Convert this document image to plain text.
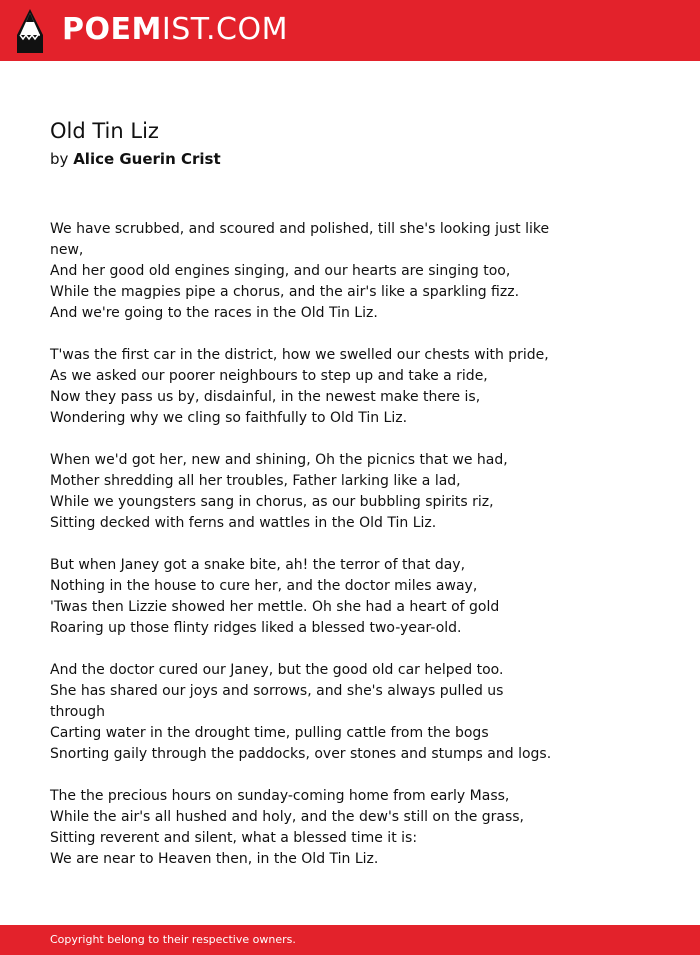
POEMIST.COM
Old Tin Liz
by Alice Guerin Crist

We have scrubbed, and scoured and polished, till she's looking just like
new,
And her good old engines singing, and our hearts are singing too,
While the magpies pipe a chorus, and the air's like a sparkling fizz.
And we're going to the races in the Old Tin Liz.

T'was the first car in the district, how we swelled our chests with pride,
As we asked our poorer neighbours to step up and take a ride,
Now they pass us by, disdainful, in the newest make there is,
Wondering why we cling so faithfully to Old Tin Liz.

When we'd got her, new and shining, Oh the picnics that we had,
Mother shredding all her troubles, Father larking like a lad,
While we youngsters sang in chorus, as our bubbling spirits riz,
Sitting decked with ferns and wattles in the Old Tin Liz.

But when Janey got a snake bite, ah! the terror of that day,
Nothing in the house to cure her, and the doctor miles away,
'Twas then Lizzie showed her mettle. Oh she had a heart of gold
Roaring up those flinty ridges liked a blessed two-year-old.

And the doctor cured our Janey, but the good old car helped too.
She has shared our joys and sorrows, and she's always pulled us through
Carting water in the drought time, pulling cattle from the bogs
Snorting gaily through the paddocks, over stones and stumps and logs.

The the precious hours on sunday-coming home from early Mass,
While the air's all hushed and holy, and the dew's still on the grass,
Sitting reverent and silent, what a blessed time it is:
We are near to Heaven then, in the Old Tin Liz.

Copyright belong to their respective owners.
